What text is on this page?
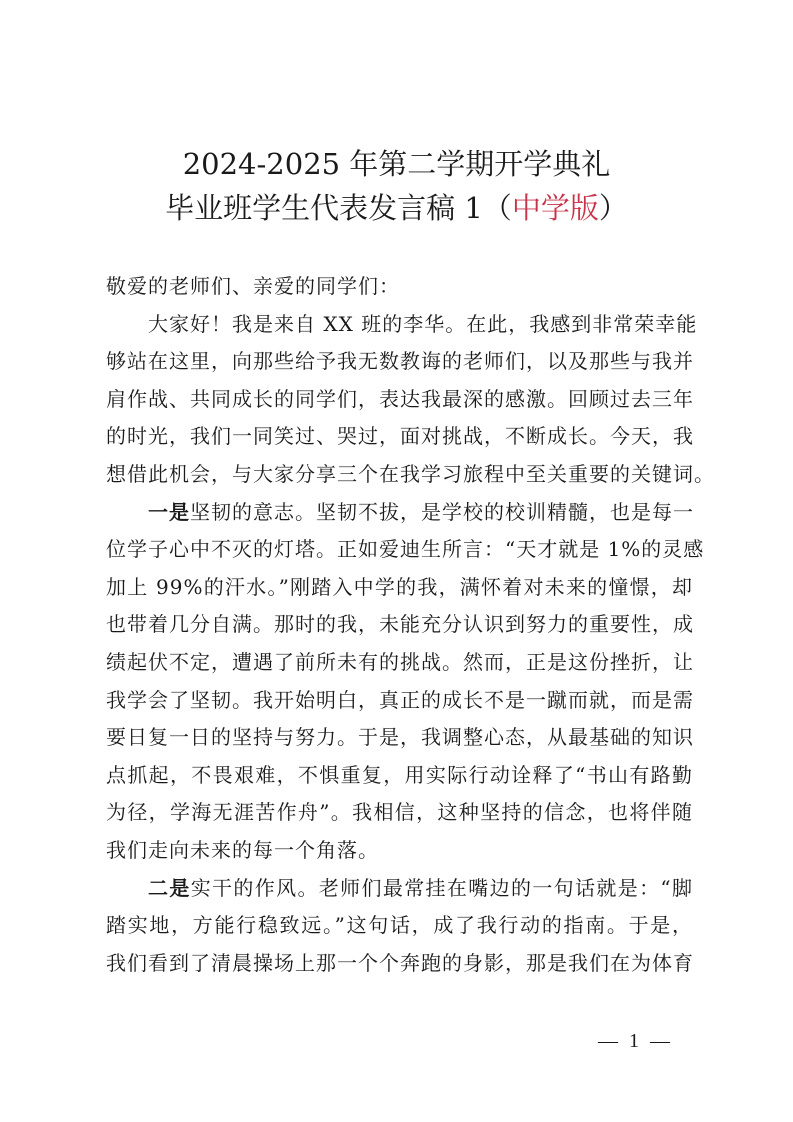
2024-2025 年第二学期开学典礼
毕业班学生代表发言稿 1（中学版）
敬爱的老师们、亲爱的同学们：
大家好！我是来自 XX 班的李华。在此，我感到非常荣幸能
够站在这里，向那些给予我无数教诲的老师们，以及那些与我并
肩作战、共同成长的同学们，表达我最深的感激。回顾过去三年
的时光，我们一同笑过、哭过，面对挑战，不断成长。今天，我
想借此机会，与大家分享三个在我学习旅程中至关重要的关键词。
一是坚韧的意志。坚韧不拔，是学校的校训精髓，也是每一
位学子心中不灭的灯塔。正如爱迪生所言：“天才就是 1%的灵感
加上 99%的汗水。”刚踏入中学的我，满怀着对未来的憧憬，却
也带着几分自满。那时的我，未能充分认识到努力的重要性，成
绩起伏不定，遭遇了前所未有的挑战。然而，正是这份挫折，让
我学会了坚韧。我开始明白，真正的成长不是一蹴而就，而是需
要日复一日的坚持与努力。于是，我调整心态，从最基础的知识
点抓起，不畏艰难，不惧重复，用实际行动诠释了“书山有路勤
为径，学海无涯苦作舟”。我相信，这种坚持的信念，也将伴随
我们走向未来的每一个角落。
二是实干的作风。老师们最常挂在嘴边的一句话就是：“脚
踏实地，方能行稳致远。”这句话，成了我行动的指南。于是，
我们看到了清晨操场上那一个个奔跑的身影，那是我们在为体育
— 1 —
